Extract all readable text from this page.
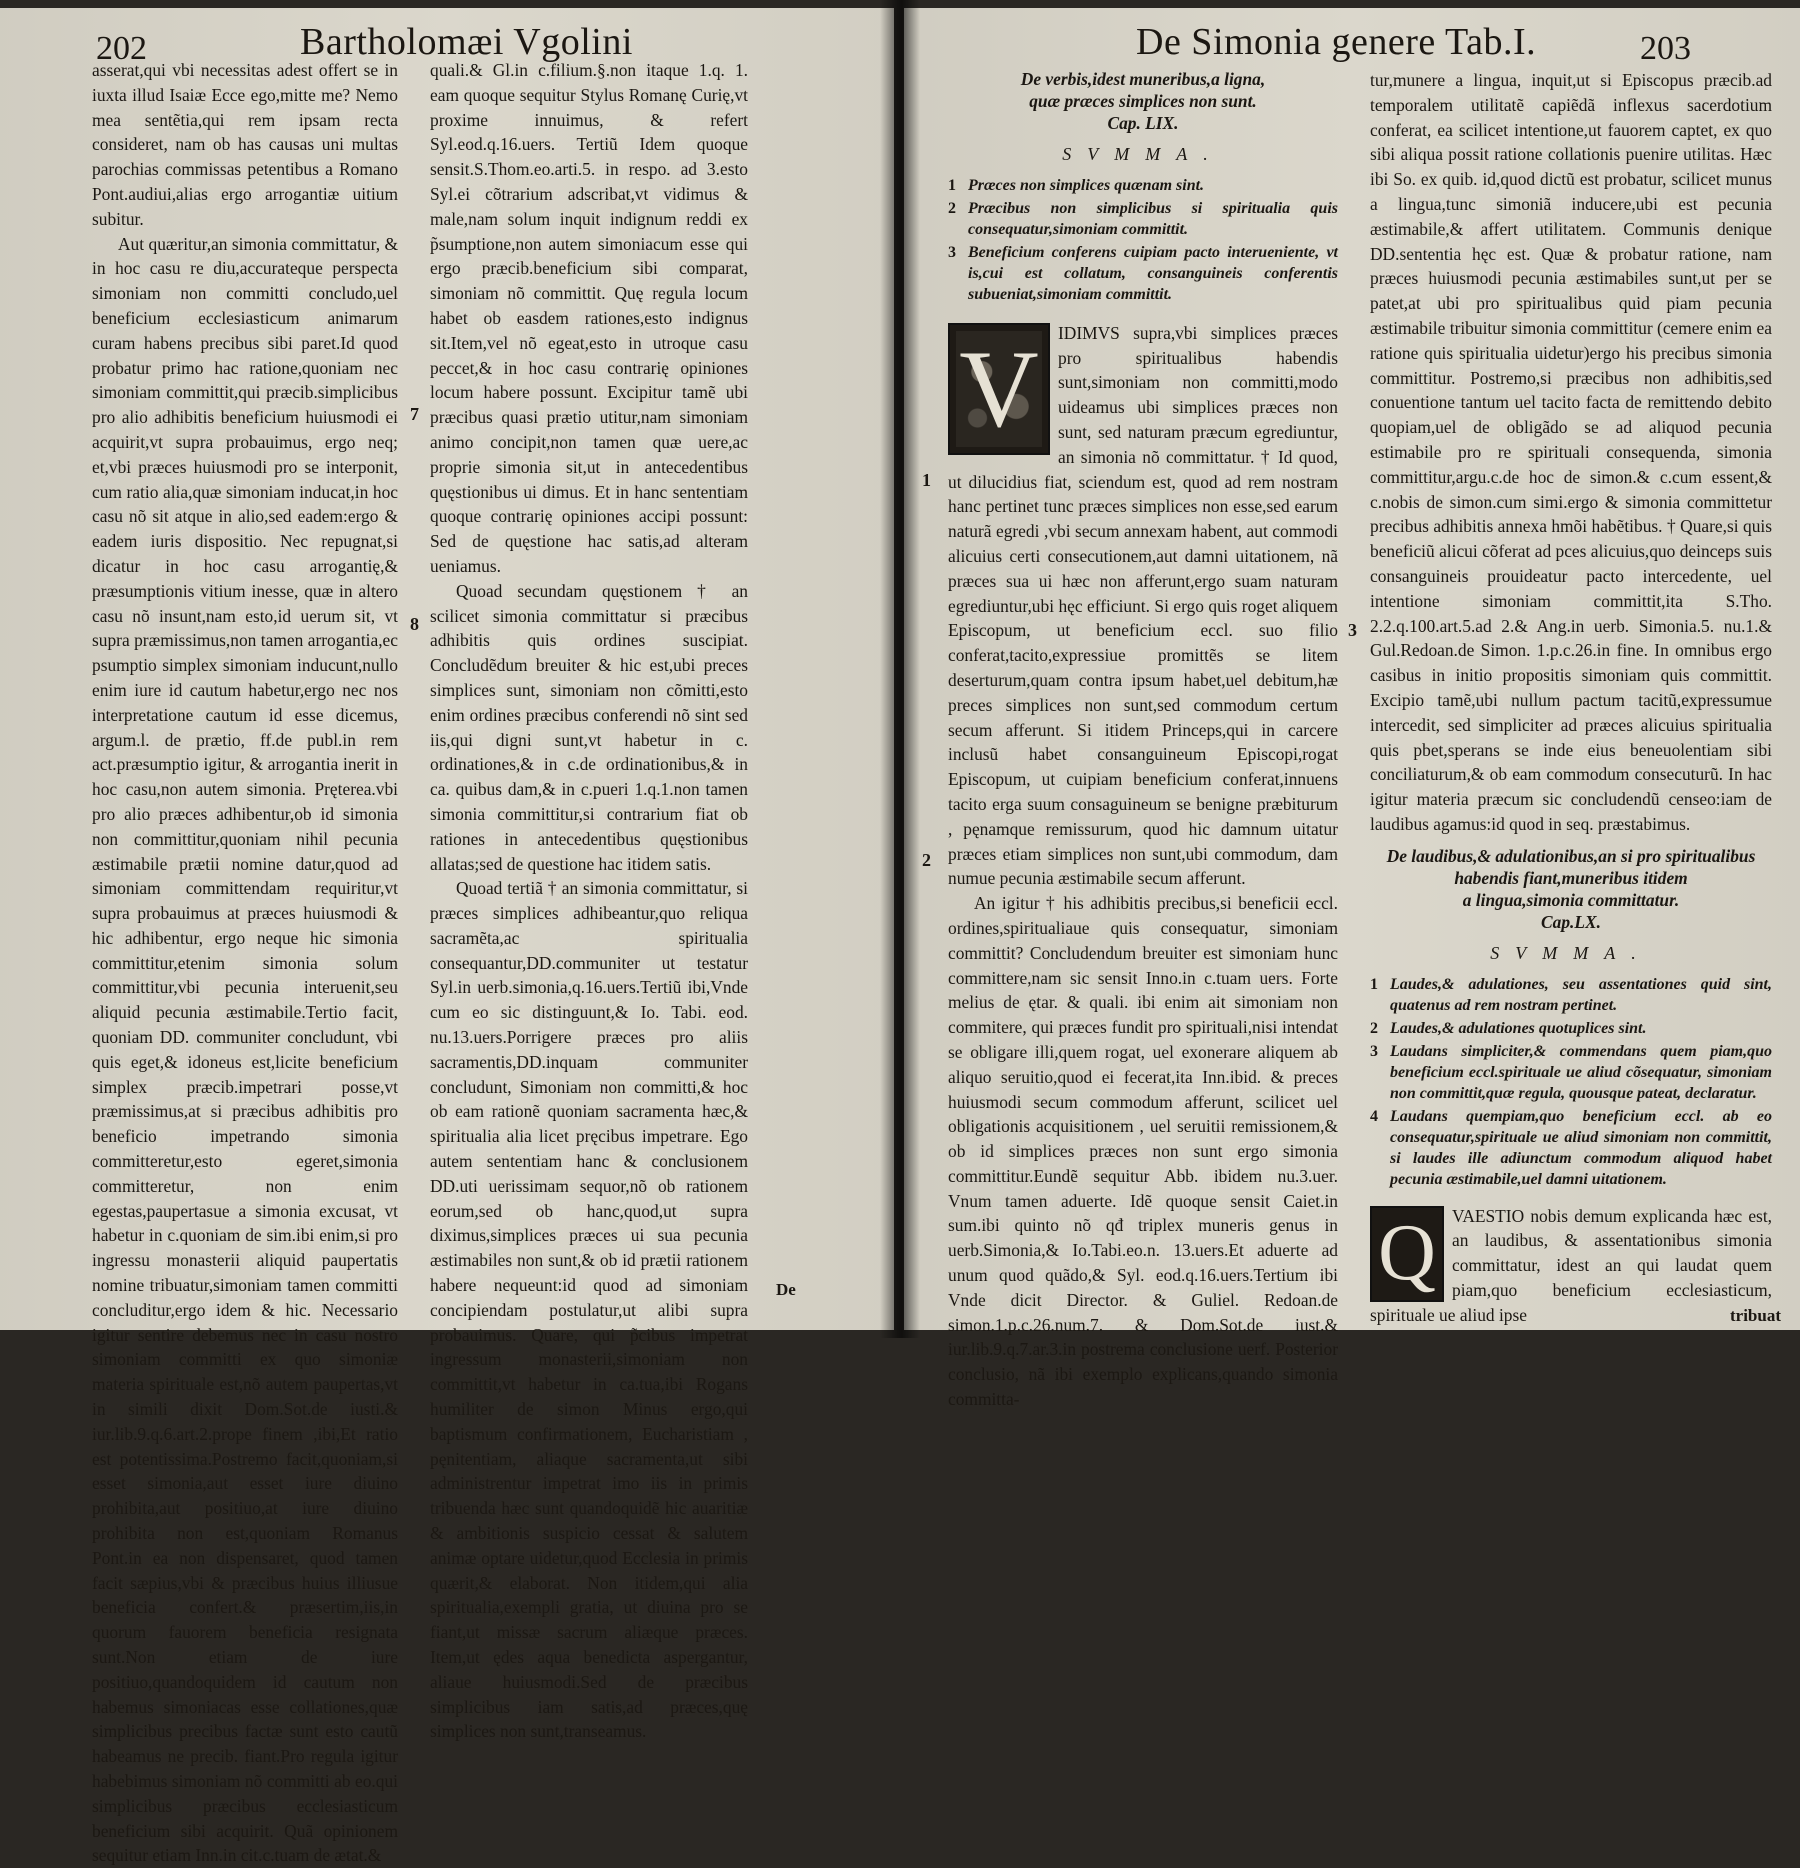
202	Bartholomæi Vgolini

asserat,qui vbi necessitas adest offert se in iuxta illud Isaiæ Ecce ego,mitte me? Nemo mea sentẽtia,qui rem ipsam recta consideret, nam ob has causas uni multas parochias commissas petentibus a Romano Pont.audiui,alias ergo arrogantiæ uitium subitur.

Aut quæritur,an simonia committatur, & in hoc casu re diu,accurateque perspecta simoniam non committi concludo,uel beneficium ecclesiasticum animarum curam habens precibus sibi paret.Id quod probatur primo hac ratione,quoniam nec simoniam committit,qui præcib.simplicibus pro alio adhibitis beneficium huiusmodi ei acquirit,vt supra probauimus, ergo neq; et,vbi præces huiusmodi pro se interponit, cum ratio alia,quæ simoniam inducat,in hoc casu nõ sit atque in alio,sed eadem:ergo & eadem iuris dispositio. Nec repugnat,si dicatur in hoc casu arrogantię,& præsumptionis vitium inesse, quæ in altero casu nõ insunt,nam esto,id uerum sit, vt supra præmissimus,non tamen arrogantia,ec psumptio simplex simoniam inducunt,nullo enim iure id cautum habetur,ergo nec nos interpretatione cautum id esse dicemus, argum.l. de prætio, ff.de publ.in rem act.præsumptio igitur, & arrogantia inerit in hoc casu,non autem simonia. Pręterea.vbi pro alio præces adhibentur,ob id simonia non committitur,quoniam nihil pecunia æstimabile prætii nomine datur,quod ad simoniam committendam requiritur,vt supra probauimus at præces huiusmodi & hic adhibentur, ergo neque hic simonia committitur,etenim simonia solum committitur,vbi pecunia interuenit,seu aliquid pecunia æstimabile.Tertio facit, quoniam DD. communiter concludunt, vbi quis eget,& idoneus est,licite beneficium simplex præcib.impetrari posse,vt præmissimus,at si præcibus adhibitis pro beneficio impetrando simonia committeretur,esto egeret,simonia committeretur, non enim egestas,paupertasue a simonia excusat, vt habetur in c.quoniam de sim.ibi enim,si pro ingressu monasterii aliquid paupertatis nomine tribuatur,simoniam tamen committi concluditur,ergo idem & hic. Necessario igitur sentire debemus nec in casu nostro simoniam committi ex quo simoniæ materia spirituale est,nõ autem paupertas,vt in simili dixit Dom.Sot.de iusti.& iur.lib.9.q.6.art.2.prope finem ,ibi,Et ratio est potentissima.Postremo facit,quoniam,si esset simonia,aut esset iure diuino prohibita,aut positiuo,at iure diuino prohibita non est,quoniam Romanus Pont.in ea non dispensaret, quod tamen facit sæpius,vbi & præcibus huius illiusue beneficia confert.& præsertim,iis,in quorum fauorem beneficia resignata sunt.Non etiam de iure positiuo,quandoquidem id cautum non habemus simoniacas esse collationes,quæ simplicibus precibus factæ sunt esto cautũ habeamus ne precib. fiant.Pro regula igitur habebimus simoniam nõ committi ab eo.qui simplicibus præcibus ecclesiasticum beneficium sibi acquirit. Quã opinionem sequitur etiam Inn.in cit.c.tuam de ætat.&

quali.& Gl.in c.filium.§.non itaque 1.q. 1. eam quoque sequitur Stylus Romanę Curię,vt proxime innuimus, & refert Syl.eod.q.16.uers. Tertiũ Idem quoque sensit.S.Thom.eo.arti.5. in respo. ad 3.esto Syl.ei cõtrarium adscribat,vt vidimus & male,nam solum inquit indignum reddi ex p̃sumptione,non autem simoniacum esse qui ergo præcib.beneficium sibi comparat, simoniam nõ committit. Quę regula locum habet ob easdem rationes,esto indignus sit.Item,vel nõ egeat,esto in utroque casu peccet,& in hoc casu contrarię opiniones locum habere possunt. Excipitur tamẽ ubi præcibus quasi prætio utitur,nam simoniam animo concipit,non tamen quæ uere,ac proprie simonia sit,ut in antecedentibus quęstionibus ui dimus. Et in hanc sententiam quoque contrarię opiniones accipi possunt: Sed de quęstione hac satis,ad alteram ueniamus.

Quoad secundam quęstionem † an scilicet simonia committatur si præcibus adhibitis quis ordines suscipiat. Concludẽdum breuiter & hic est,ubi preces simplices sunt, simoniam non cõmitti,esto enim ordines præcibus conferendi nõ sint sed iis,qui digni sunt,vt habetur in c. ordinationes,& in c.de ordinationibus,& in ca. quibus dam,& in c.pueri 1.q.1.non tamen simonia committitur,si contrarium fiat ob rationes in antecedentibus quęstionibus allatas;sed de questione hac itidem satis.

Quoad tertiã † an simonia committatur, si præces simplices adhibeantur,quo reliqua sacramẽta,ac spiritualia consequantur,DD.communiter ut testatur Syl.in uerb.simonia,q.16.uers.Tertiũ ibi,Vnde cum eo sic distinguunt,& Io. Tabi. eod. nu.13.uers.Porrigere præces pro aliis sacramentis,DD.inquam communiter concludunt, Simoniam non committi,& hoc ob eam rationẽ quoniam sacramenta hæc,& spiritualia alia licet pręcibus impetrare. Ego autem sententiam hanc & conclusionem DD.uti uerissimam sequor,nõ ob rationem eorum,sed ob hanc,quod,ut supra diximus,simplices præces ui sua pecunia æstimabiles non sunt,& ob id prætii rationem habere nequeunt:id quod ad simoniam concipiendam postulatur,ut alibi supra probauimus. Quare, qui p̃cibus impetrat ingressum monasterii,simoniam non committit,vt habetur in ca.tua,ibi Rogans humiliter de simon Minus ergo,qui baptismum confirmationem, Eucharistiam , pęnitentiam, aliaque sacramenta,ut sibi administrentur impetrat imo iis in primis tribuenda hæc sunt quandoquidẽ hic auaritiæ & ambitionis suspicio cessat & salutem animæ optare uidetur,quod Ecclesia in primis quærit,& elaborat. Non itidem,qui alia spiritualia,exempli gratia, ut diuina pro se fiant,ut missæ sacrum aliæque præces. Item,ut ędes aqua benedicta aspergantur, aliaue huiusmodi.Sed de præcibus simplicibus iam satis,ad præces,quę simplices non sunt,transeamus.

7
8
De
De Simonia genere Tab.I.	203
De verbis,idest muneribus,a ligna,
quæ præces simplices non sunt.
Cap. LIX.
SVMMA.
1 Præces non simplices quænam sint.
2 Præcibus non simplicibus si spiritualia quis consequatur,simoniam committit.
3 Beneficium conferens cuipiam pacto interueniente, vt is,cui est collatum, consanguineis conferentis subueniat,simoniam committit.
V	IDIMVS supra,vbi simplices præces pro spiritualibus habendis sunt,simoniam non committi,modo uideamus ubi simplices præces non sunt, sed naturam præcum egrediuntur, an simonia nõ committatur. † Id quod, ut dilucidius fiat, sciendum est, quod ad rem nostram hanc pertinet tunc præces simplices non esse,sed earum naturã egredi ,vbi secum annexam habent, aut commodi alicuius certi consecutionem,aut damni uitationem, nã præces sua ui hæc non afferunt,ergo suam naturam egrediuntur,ubi hęc efficiunt. Si ergo quis roget aliquem Episcopum, ut beneficium eccl. suo filio conferat,tacito,expressiue promittẽs se litem deserturum,quam contra ipsum habet,uel debitum,hæ preces simplices non sunt,sed commodum certum secum afferunt. Si itidem Princeps,qui in carcere inclusũ habet consanguineum Episcopi,rogat Episcopum, ut cuipiam beneficium conferat,innuens tacito erga suum consaguineum se benigne præbiturum , pęnamque remissurum, quod hic damnum uitatur præces etiam simplices non sunt,ubi commodum, dam numue pecunia æstimabile secum afferunt.

An igitur † his adhibitis precibus,si beneficii eccl. ordines,spiritualiaue quis consequatur, simoniam committit? Concludendum breuiter est simoniam hunc committere,nam sic sensit Inno.in c.tuam uers. Forte melius de ętar. & quali. ibi enim ait simoniam non commitere, qui præces fundit pro spirituali,nisi intendat se obligare illi,quem rogat, uel exonerare aliquem ab aliquo seruitio,quod ei fecerat,ita Inn.ibid. & preces huiusmodi secum commodum afferunt, scilicet uel obligationis acquisitionem , uel seruitii remissionem,& ob id simplices præces non sunt ergo simonia committitur.Eundẽ sequitur Abb. ibidem nu.3.uer. Vnum tamen aduerte. Idẽ quoque sensit Caiet.in sum.ibi quinto nõ qđ triplex muneris genus in uerb.Simonia,& Io.Tabi.eo.n. 13.uers.Et aduerte ad unum quod quãdo,& Syl. eod.q.16.uers.Tertium ibi Vnde dicit Director. & Guliel. Redoan.de simon.1.p.c.26.num.7. & Dom.Sot.de iust.& iur.lib.9.q.7.ar.3.in postrema conclusione uerf. Posterior conclusio, nã ibi exemplo explicans,quando simonia committa-

1
2

tur,munere a lingua, inquit,ut si Episcopus præcib.ad temporalem utilitatẽ capiẽdã inflexus sacerdotium conferat, ea scilicet intentione,ut fauorem captet, ex quo sibi aliqua possit ratione collationis puenire utilitas. Hæc ibi So. ex quib. id,quod dictũ est probatur, scilicet munus a lingua,tunc simoniã inducere,ubi est pecunia æstimabile,& affert utilitatem. Communis denique DD.sententia hęc est. Quæ & probatur ratione, nam præces huiusmodi pecunia æstimabiles sunt,ut per se patet,at ubi pro spiritualibus quid piam pecunia æstimabile tribuitur simonia committitur (cemere enim ea ratione quis spiritualia uidetur)ergo his precibus simonia committitur. Postremo,si præcibus non adhibitis,sed conuentione tantum uel tacito facta de remittendo debito quopiam,uel de obligãdo se ad aliquod pecunia estimabile pro re spirituali consequenda, simonia committitur,argu.c.de hoc de simon.& c.cum essent,& c.nobis de simon.cum simi.ergo & simonia committetur precibus adhibitis annexa hmõi habẽtibus. † Quare,si quis beneficiũ alicui cõferat ad pces alicuius,quo deinceps suis consanguineis prouideatur pacto intercedente, uel intentione simoniam committit,ita S.Tho. 2.2.q.100.art.5.ad 2.& Ang.in uerb. Simonia.5. nu.1.& Gul.Redoan.de Simon. 1.p.c.26.in fine. In omnibus ergo casibus in initio propositis simoniam quis committit. Excipio tamẽ,ubi nullum pactum tacitũ,expressumue intercedit, sed simpliciter ad præces alicuius spiritualia quis pbet,sperans se inde eius beneuolentiam sibi conciliaturum,& ob eam commodum consecuturũ. In hac igitur materia præcum sic concludendũ censeo:iam de laudibus agamus:id quod in seq. præstabimus.

De laudibus,& adulationibus,an si pro spiritualibus habendis fiant,muneribus itidem
a lingua,simonia committatur.
Cap.LX.
SVMMA.
1 Laudes,& adulationes, seu assentationes quid sint, quatenus ad rem nostram pertinet.
2 Laudes,& adulationes quotuplices sint.
3 Laudans simpliciter,& commendans quem piam,quo beneficium eccl.spirituale ue aliud cõsequatur, simoniam non committit,quæ regula, quousque pateat, declaratur.
4 Laudans quempiam,quo beneficium eccl. ab eo consequatur,spirituale ue aliud simoniam non committit, si laudes ille adiunctum commodum aliquod habet pecunia æstimabile,uel damni uitationem.
Q VAESTIO nobis demum explicanda hæc est, an laudibus, & assentationibus simonia committatur, idest an qui laudat quem piam,quo beneficium ecclesiasticum, spirituale ue aliud ipse

3
tribuat
